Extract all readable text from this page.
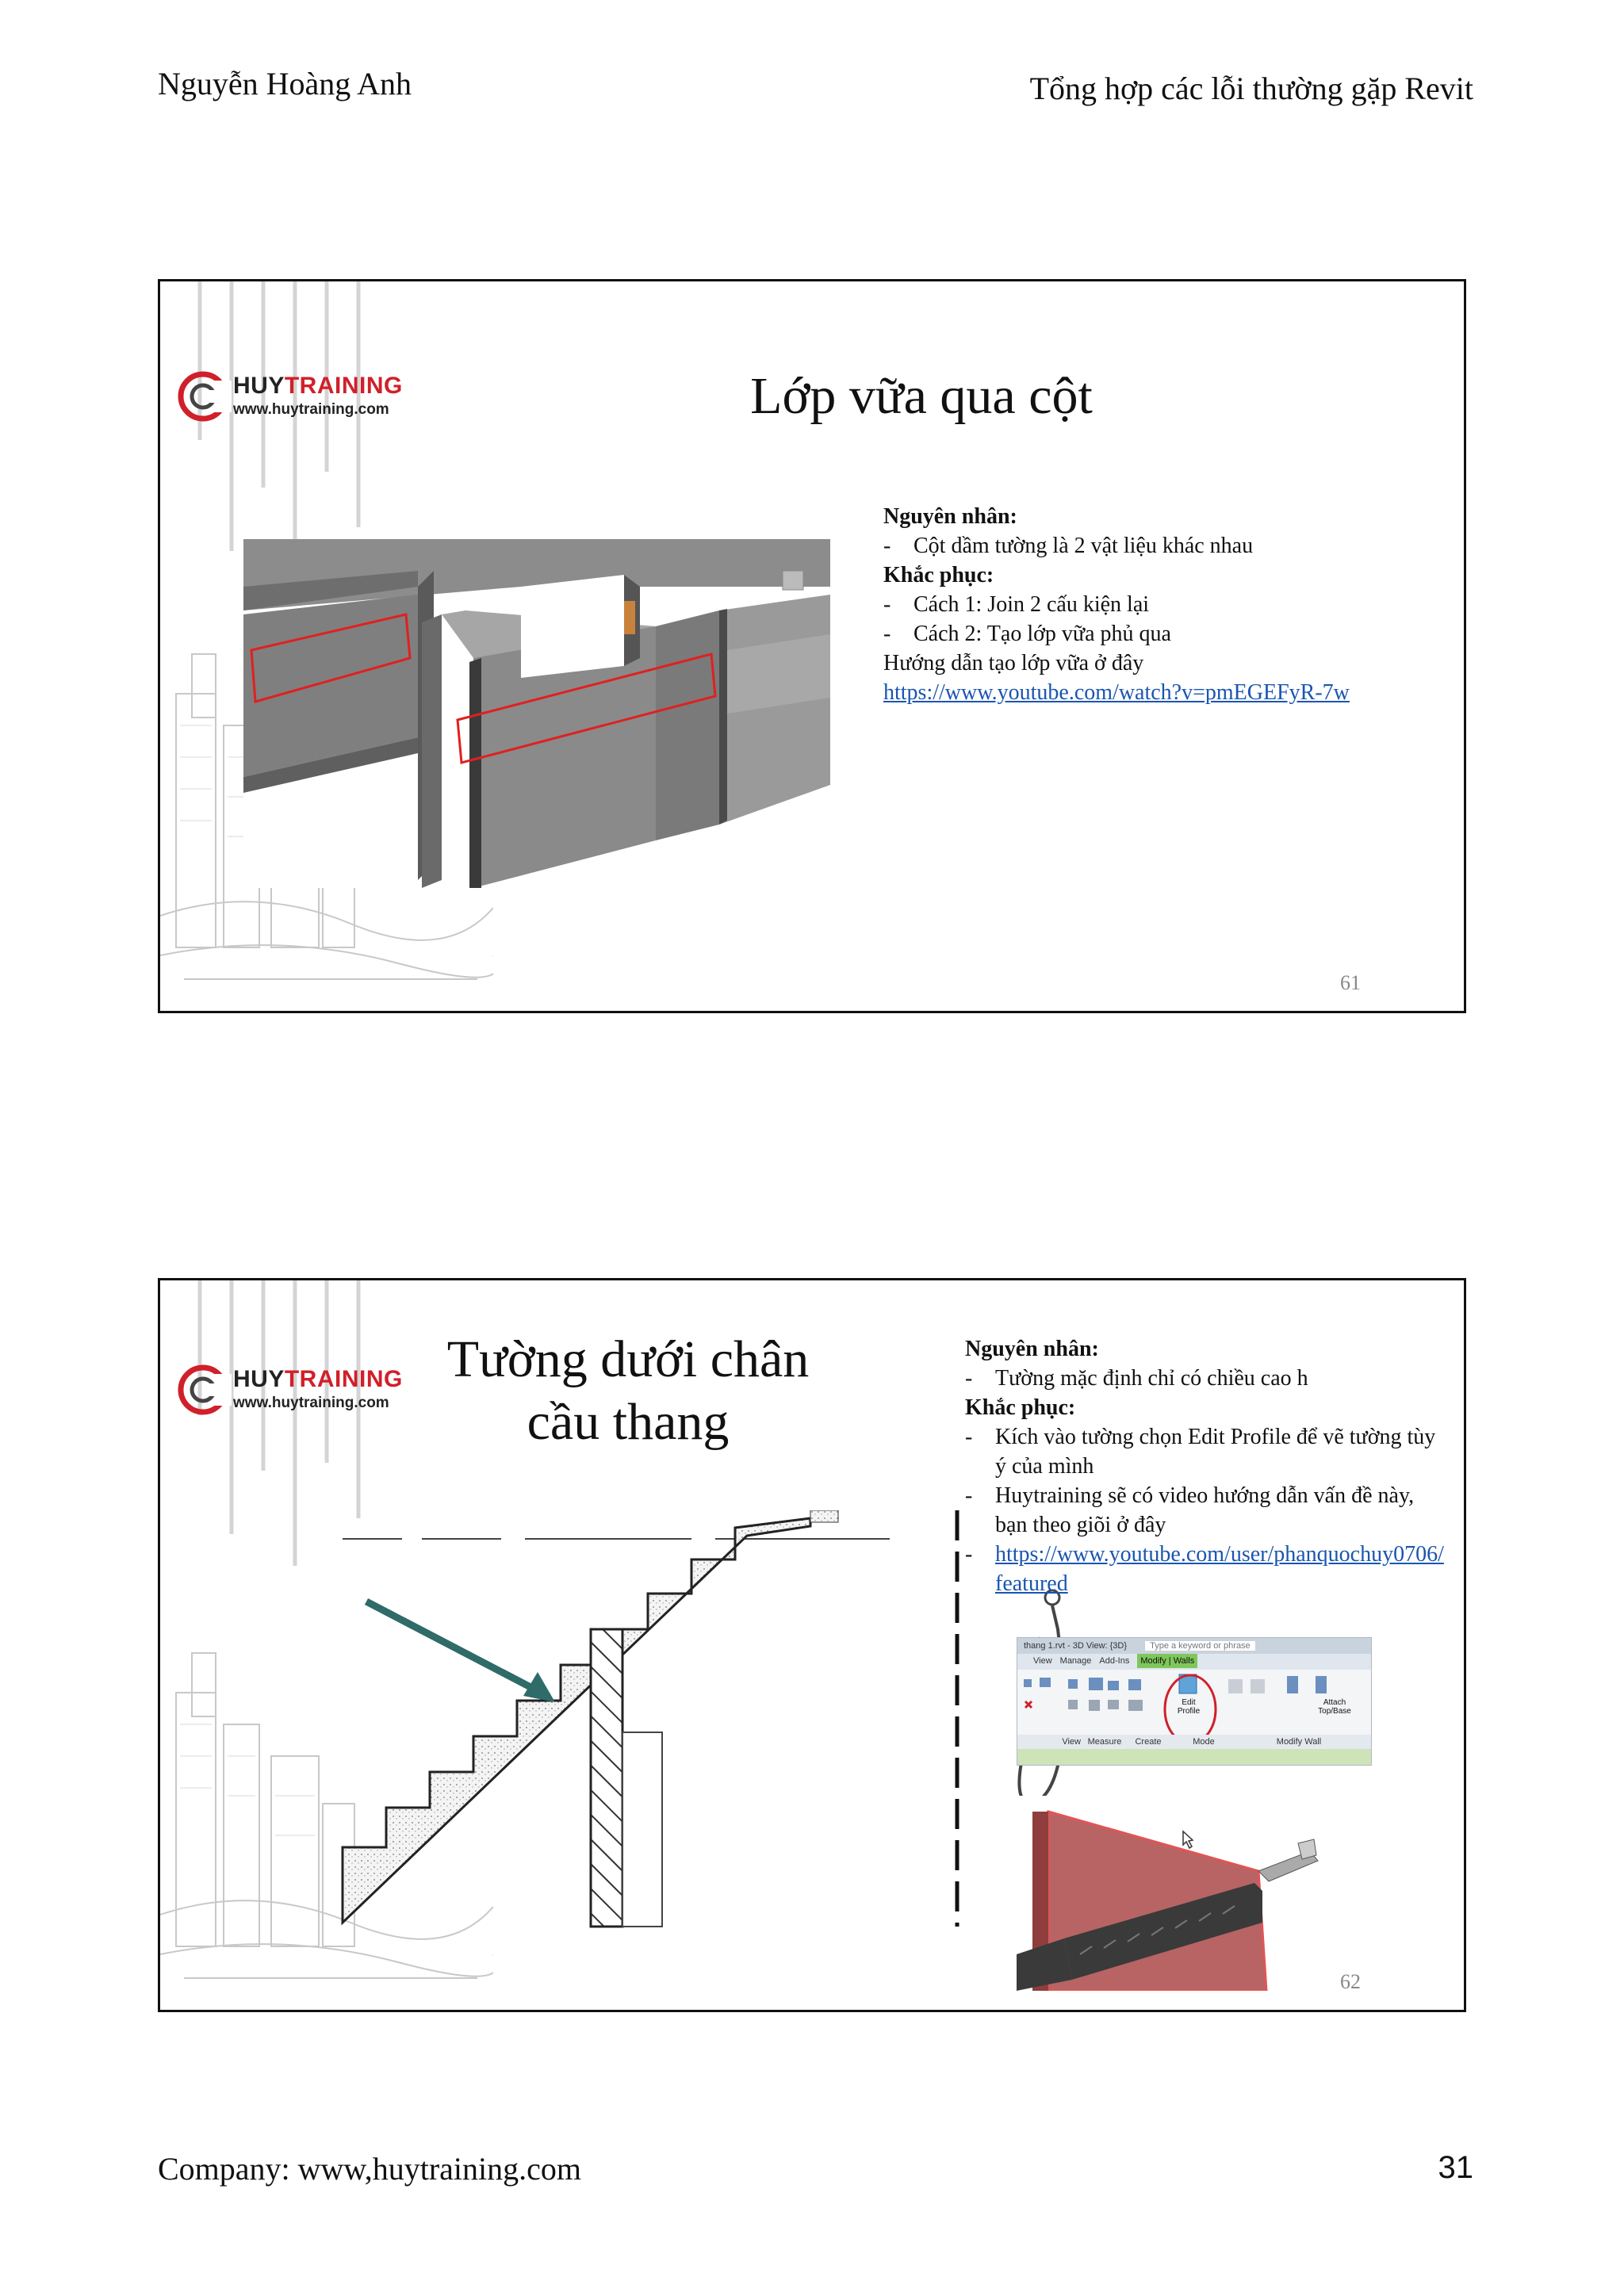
Nguyễn Hoàng Anh	Tổng hợp các lỗi thường gặp Revit
HUYTRAINING
www.huytraining.com	Lớp vữa qua cột
Nguyên nhân:
- Cột dầm tường là 2 vật liệu khác nhau
Khắc phục:
- Cách 1: Join 2 cấu kiện lại
- Cách 2: Tạo lớp vữa phủ qua
Hướng dẫn tạo lớp vữa ở đây
https://www.youtube.com/watch?v=pmEGEFyR-7w
61
HUYTRAINING
www.huytraining.com
Tường dưới chân
cầu thang
Nguyên nhân:
- Tường mặc định chỉ có chiều cao h
Khắc phục:
- Kích vào tường chọn Edit Profile để vẽ tường tùy ý của mình
- Huytraining sẽ có video hướng dẫn vấn đề này, bạn theo giõi ở đây
- https://www.youtube.com/user/phanquochuy0706/featured
thang 1.rvt - 3D View: {3D}	Type a keyword or phrase
View Manage Add-Ins	Modify | Walls
Edit Profile
Attach Top/Base
View Measure	Create	Mode	Modify Wall
62
Company: www,huytraining.com	31
